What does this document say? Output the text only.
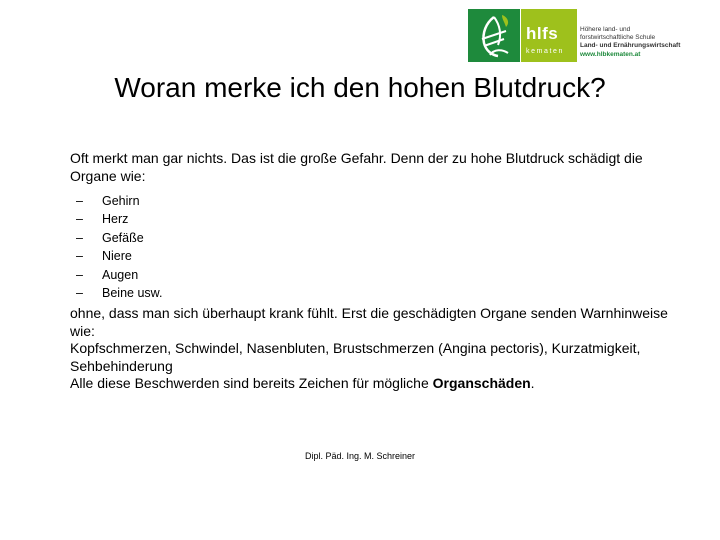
hlfs
kematen
Höhere land- und
forstwirtschaftliche Schule
Land- und Ernährungswirtschaft
www.hlbkematen.at
Woran merke ich den hohen Blutdruck?

Oft merkt man gar nichts. Das ist die große Gefahr. Denn der zu hohe Blutdruck schädigt die Organe wie:

–	Gehirn
–	Herz
–	Gefäße
–	Niere
–	Augen
–	Beine usw.

ohne, dass man sich überhaupt krank fühlt. Erst die geschädigten Organe senden Warnhinweise wie:

Kopfschmerzen, Schwindel, Nasenbluten, Brustschmerzen (Angina pectoris), Kurzatmigkeit, Sehbehinderung

Alle diese Beschwerden sind bereits Zeichen für mögliche Organschäden.

Dipl. Päd. Ing. M. Schreiner
